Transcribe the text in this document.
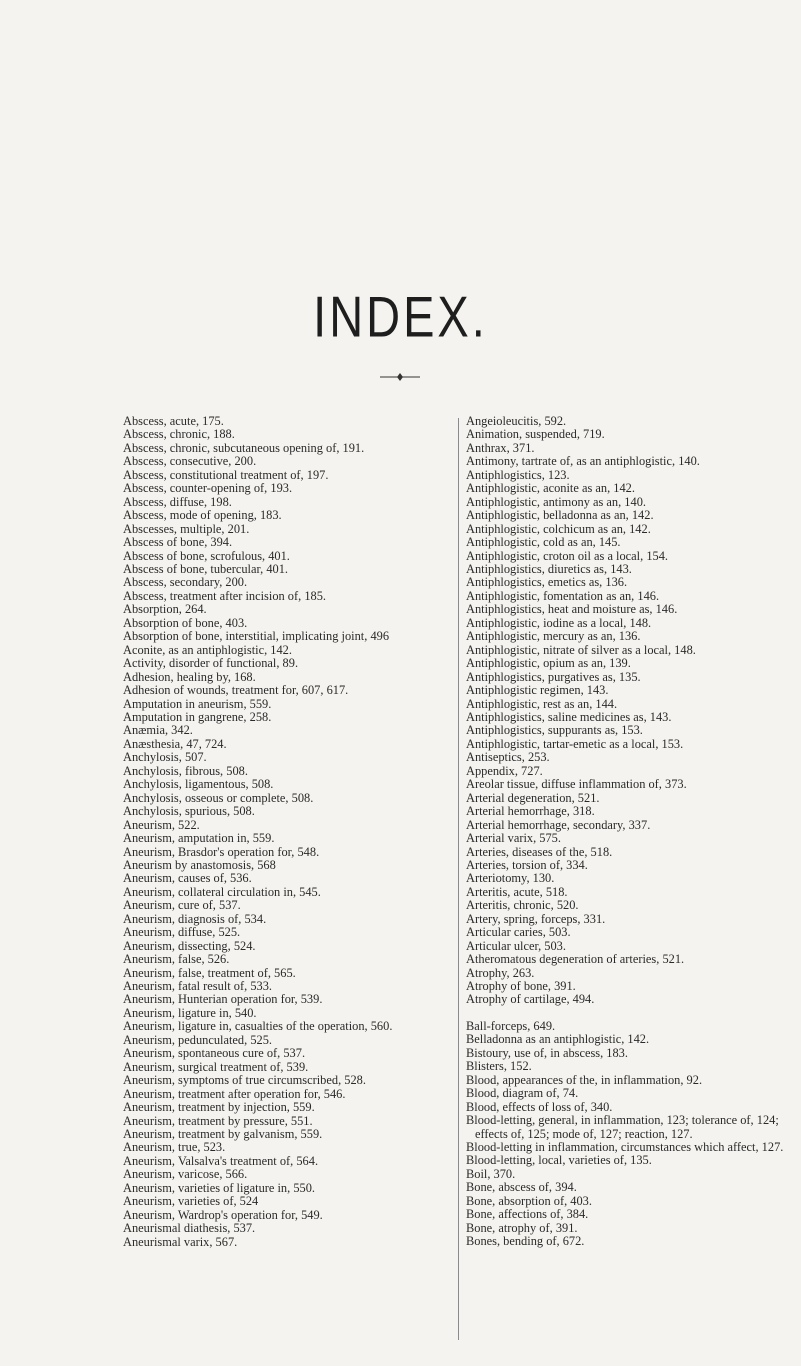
INDEX.

Abscess, acute, 175.

Abscess, chronic, 188.

Abscess, chronic, subcutaneous opening of, 191.

Abscess, consecutive, 200.

Abscess, constitutional treatment of, 197.

Abscess, counter-opening of, 193.

Abscess, diffuse, 198.

Abscess, mode of opening, 183.

Abscesses, multiple, 201.

Abscess of bone, 394.

Abscess of bone, scrofulous, 401.

Abscess of bone, tubercular, 401.

Abscess, secondary, 200.

Abscess, treatment after incision of, 185.

Absorption, 264.

Absorption of bone, 403.

Absorption of bone, interstitial, implicating joint, 496

Aconite, as an antiphlogistic, 142.

Activity, disorder of functional, 89.

Adhesion, healing by, 168.

Adhesion of wounds, treatment for, 607, 617.

Amputation in aneurism, 559.

Amputation in gangrene, 258.

Anæmia, 342.

Anæsthesia, 47, 724.

Anchylosis, 507.

Anchylosis, fibrous, 508.

Anchylosis, ligamentous, 508.

Anchylosis, osseous or complete, 508.

Anchylosis, spurious, 508.

Aneurism, 522.

Aneurism, amputation in, 559.

Aneurism, Brasdor's operation for, 548.

Aneurism by anastomosis, 568

Aneurism, causes of, 536.

Aneurism, collateral circulation in, 545.

Aneurism, cure of, 537.

Aneurism, diagnosis of, 534.

Aneurism, diffuse, 525.

Aneurism, dissecting, 524.

Aneurism, false, 526.

Aneurism, false, treatment of, 565.

Aneurism, fatal result of, 533.

Aneurism, Hunterian operation for, 539.

Aneurism, ligature in, 540.

Aneurism, ligature in, casualties of the operation, 560.

Aneurism, pedunculated, 525.

Aneurism, spontaneous cure of, 537.

Aneurism, surgical treatment of, 539.

Aneurism, symptoms of true circumscribed, 528.

Aneurism, treatment after operation for, 546.

Aneurism, treatment by injection, 559.

Aneurism, treatment by pressure, 551.

Aneurism, treatment by galvanism, 559.

Aneurism, true, 523.

Aneurism, Valsalva's treatment of, 564.

Aneurism, varicose, 566.

Aneurism, varieties of ligature in, 550.

Aneurism, varieties of, 524

Aneurism, Wardrop's operation for, 549.

Aneurismal diathesis, 537.

Aneurismal varix, 567.

Angeioleucitis, 592.

Animation, suspended, 719.

Anthrax, 371.

Antimony, tartrate of, as an antiphlogistic, 140.

Antiphlogistics, 123.

Antiphlogistic, aconite as an, 142.

Antiphlogistic, antimony as an, 140.

Antiphlogistic, belladonna as an, 142.

Antiphlogistic, colchicum as an, 142.

Antiphlogistic, cold as an, 145.

Antiphlogistic, croton oil as a local, 154.

Antiphlogistics, diuretics as, 143.

Antiphlogistics, emetics as, 136.

Antiphlogistic, fomentation as an, 146.

Antiphlogistics, heat and moisture as, 146.

Antiphlogistic, iodine as a local, 148.

Antiphlogistic, mercury as an, 136.

Antiphlogistic, nitrate of silver as a local, 148.

Antiphlogistic, opium as an, 139.

Antiphlogistics, purgatives as, 135.

Antiphlogistic regimen, 143.

Antiphlogistic, rest as an, 144.

Antiphlogistics, saline medicines as, 143.

Antiphlogistics, suppurants as, 153.

Antiphlogistic, tartar-emetic as a local, 153.

Antiseptics, 253.

Appendix, 727.

Areolar tissue, diffuse inflammation of, 373.

Arterial degeneration, 521.

Arterial hemorrhage, 318.

Arterial hemorrhage, secondary, 337.

Arterial varix, 575.

Arteries, diseases of the, 518.

Arteries, torsion of, 334.

Arteriotomy, 130.

Arteritis, acute, 518.

Arteritis, chronic, 520.

Artery, spring, forceps, 331.

Articular caries, 503.

Articular ulcer, 503.

Atheromatous degeneration of arteries, 521.

Atrophy, 263.

Atrophy of bone, 391.

Atrophy of cartilage, 494.

Ball-forceps, 649.

Belladonna as an antiphlogistic, 142.

Bistoury, use of, in abscess, 183.

Blisters, 152.

Blood, appearances of the, in inflammation, 92.

Blood, diagram of, 74.

Blood, effects of loss of, 340.

Blood-letting, general, in inflammation, 123; tolerance of, 124; effects of, 125; mode of, 127; reaction, 127.

Blood-letting in inflammation, circumstances which affect, 127.

Blood-letting, local, varieties of, 135.

Boil, 370.

Bone, abscess of, 394.

Bone, absorption of, 403.

Bone, affections of, 384.

Bone, atrophy of, 391.

Bones, bending of, 672.
